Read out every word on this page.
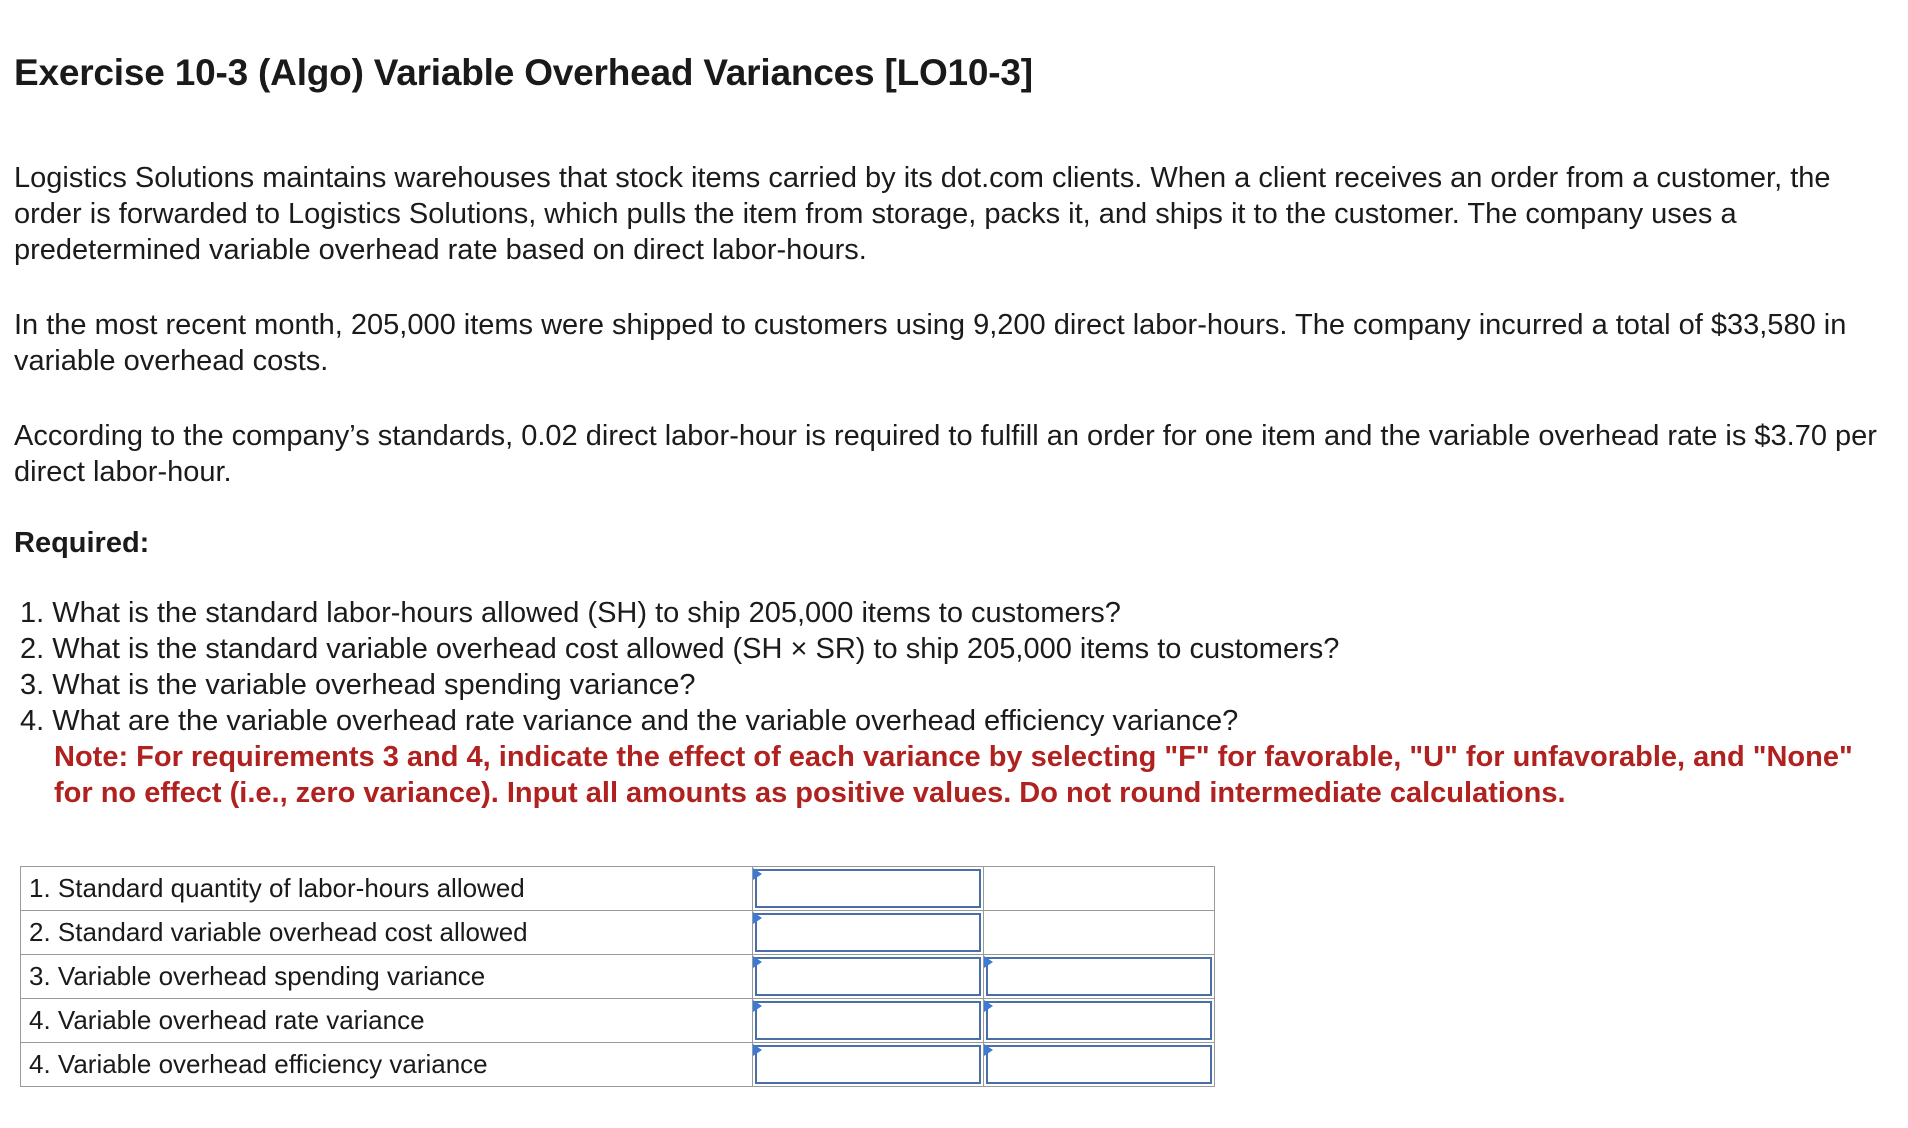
Exercise 10-3 (Algo) Variable Overhead Variances [LO10-3]

Logistics Solutions maintains warehouses that stock items carried by its dot.com clients. When a client receives an order from a customer, the order is forwarded to Logistics Solutions, which pulls the item from storage, packs it, and ships it to the customer. The company uses a predetermined variable overhead rate based on direct labor-hours.

In the most recent month, 205,000 items were shipped to customers using 9,200 direct labor-hours. The company incurred a total of $33,580 in variable overhead costs.

According to the company’s standards, 0.02 direct labor-hour is required to fulfill an order for one item and the variable overhead rate is $3.70 per direct labor-hour.

Required:

1. What is the standard labor-hours allowed (SH) to ship 205,000 items to customers?
2. What is the standard variable overhead cost allowed (SH × SR) to ship 205,000 items to customers?
3. What is the variable overhead spending variance?
4. What are the variable overhead rate variance and the variable overhead efficiency variance?

Note: For requirements 3 and 4, indicate the effect of each variance by selecting "F" for favorable, "U" for unfavorable, and "None" for no effect (i.e., zero variance). Input all amounts as positive values. Do not round intermediate calculations.

1. Standard quantity of labor-hours allowed	

2. Standard variable overhead cost allowed	

3. Variable overhead spending variance	

4. Variable overhead rate variance	

4. Variable overhead efficiency variance	
